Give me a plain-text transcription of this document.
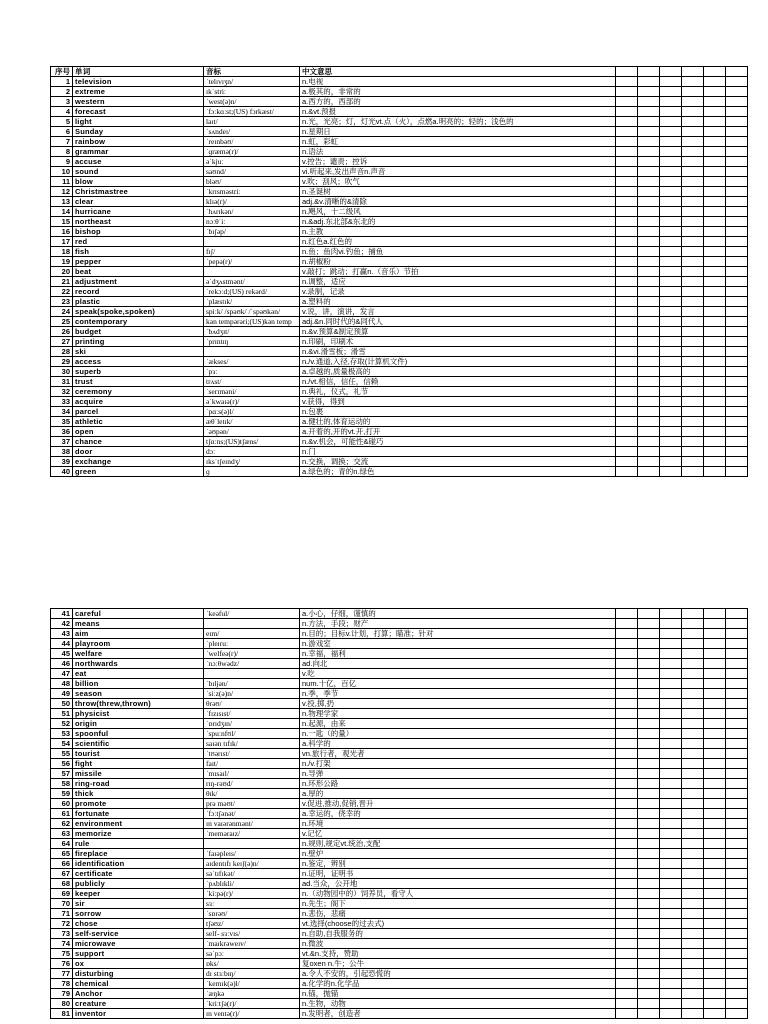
序号	单词	音标	中文意思						
1	television	ˈtelɪvɪʒn/	n.电视						
2	extreme	ɪkˈstriː	a.极其的，非常的						
3	western	ˈwest(ə)n/	a.西方的，西部的						
4	forecast	ˈfɔːkɑːst;(US) fɔrkæst/	n.&vt.预报						
5	light	laɪt/	n.光，光亮；灯，灯光vt.点（火），点燃a.明亮的；轻的；浅色的						
6	Sunday	ˈsʌndeɪ/	n.星期日						
7	rainbow	ˈreɪnbəʊ/	n.虹，彩虹						
8	grammar	ˈɡræmə(r)/	n.语法						
9	accuse	əˈkjuː	v.控告；谴责；控诉						
10	sound	saʊnd/	vi.听起来,发出声音n.声音						
11	blow	bləʊ/	v.吹；刮风；吹气						
12	Christmastree	ˈkrɪsməstriː	n.圣诞树						
13	clear	klɪə(r)/	adj.&v.清晰的&清除						
14	hurricane	ˈhʌrɪkən/	n.飓风，十二级风						
15	northeast	nɔːθˈiː	n.&adj.东北部&东北的						
16	bishop	ˈbɪʃəp/	n.主教						
17	red		n.红色a.红色的						
18	fish	fɪʃ/	n.鱼；鱼肉vi.钓鱼；捕鱼						
19	pepper	ˈpepə(r)/	n.胡椒粉						
20	beat		v.敲打；跳动；打赢n.（音乐）节拍						
21	adjustment	əˈdʒʌstmənt/	n.调整，适应						
22	record	ˈrekɔːd;(US) rekərd/	v.录制，记录						
23	plastic	ˈplæstɪk/	a.塑料的						
24	speak(spoke,spoken)	spiːk/ /spəʊk/ /ˈspəʊkən/	v.说，讲，演讲，发言						
25	contemporary	kən tempərəri;(US)kən temp	adj.&n.同时代的&同代人						
26	budget	ˈbʌdʒɪt/	n.&v.预算&制定预算						
27	printing	ˈprɪntɪŋ	n.印刷，印刷术						
28	ski		n.&vi.滑雪板；滑雪						
29	access	ˈækses/	n./v.通道,入径,存取(计算机文件)						
30	superb	ˈpɜː	a.卓越的,质量极高的						
31	trust	trʌst/	n./vt.相信，信任，信赖						
32	ceremony	ˈserɪməni/	n.典礼，仪式，礼节						
33	acquire	əˈkwaɪə(r)/	v.获得，得到						
34	parcel	ˈpɑːs(ə)l/	n.包裹						
35	athletic	æθˈletɪk/	a.健壮的,体育运动的						
36	open	ˈəʊpən/	a.开着的,开的vt.开,打开						
37	chance	tʃɑːns;(US)tʃæns/	n.&v.机会，可能性&碰巧						
38	door	dɔː	n.门						
39	exchange	ɪksˈtʃeɪndʒ/	n.交换，调换；交流						
40	green	ɡ	a.绿色的；青的n.绿色						
41	careful	ˈkeəful/	a.小心，仔细，谨慎的						
42	means		n.方法，手段；财产						
43	aim	eɪm/	n.目的；目标v.计划，打算；瞄准；针对						
44	playroom	ˈpleɪruː	n.游戏室						
45	welfare	ˈwelfeə(r)/	n.幸福，福利						
46	northwards	ˈnɔːθwədz/	ad.向北						
47	eat		v.吃						
48	billion	ˈbɪljən/	num.十亿，百亿						
49	season	ˈsiːz(ə)n/	n.季，季节						
50	throw(threw,thrown)	θrəʊ/	v.投,掷,扔						
51	physicist	ˈfɪzɪsɪst/	n.物理学家						
52	origin	ˈɒrɪdʒɪn/	n.起源，由来						
53	spoonful	ˈspuːnfʊl/	n.一匙（的量）						
54	scientific	saɪən tɪfɪk/	a.科学的						
55	tourist	ˈtʊərɪst/	vn.旅行者，观光者						
56	fight	faɪt/	n./v.打架						
57	missile	ˈmɪsaɪl/	n.导弹						
58	ring-road	rɪŋ-rəʊd/	n.环形公路						
59	thick	θɪk/	a.厚的						
60	promote	prə məʊt/	v.促进,推动,促销,晋升						
61	fortunate	ˈfɔːtʃənət/	a.幸运的，侥幸的						
62	environment	ɪn vaɪərənmənt/	n.环境						
63	memorize	ˈmeməraɪz/	v.记忆						
64	rule		n.规则,规定vt.统治,支配						
65	fireplace	ˈfaɪəpleɪs/	n.壁炉						
66	identification	aɪdentɪfɪ keɪʃ(ə)n/	n.鉴定，辨别						
67	certificate	səˈtɪfɪkət/	n.证明，证明书						
68	publicly	ˈpʌblɪkli/	ad.当众，公开地						
69	keeper	ˈkiːpə(r)/	n.（动物园中的）饲养员，看守人						
70	sir	sɜː	n.先生；阁下						
71	sorrow	ˈsɒrəʊ/	n.悲伤，悲痛						
72	chose	tʃəʊz/	vt.选择(choose的过去式)						
73	self-service	self- sɜːvɪs/	n.自助,自我服务的						
74	microwave	ˈmaɪkrəweɪv/	n.微波						
75	support	səˈpɔː	vt.&n.支持，赞助						
76	ox	ɒks/	复oxen n.牛；公牛						
77	disturbing	dɪ stɜːbɪŋ/	a.令人不安的，引起恐慌的						
78	chemical	ˈkemɪk(ə)l/	a.化学的n.化学品						
79	Anchor	ˈæŋkə	n.锚，抛锚						
80	creature	ˈkriːtʃə(r)/	n.生物，动物						
81	inventor	ɪn ventə(r)/	n.发明者，创造者						
